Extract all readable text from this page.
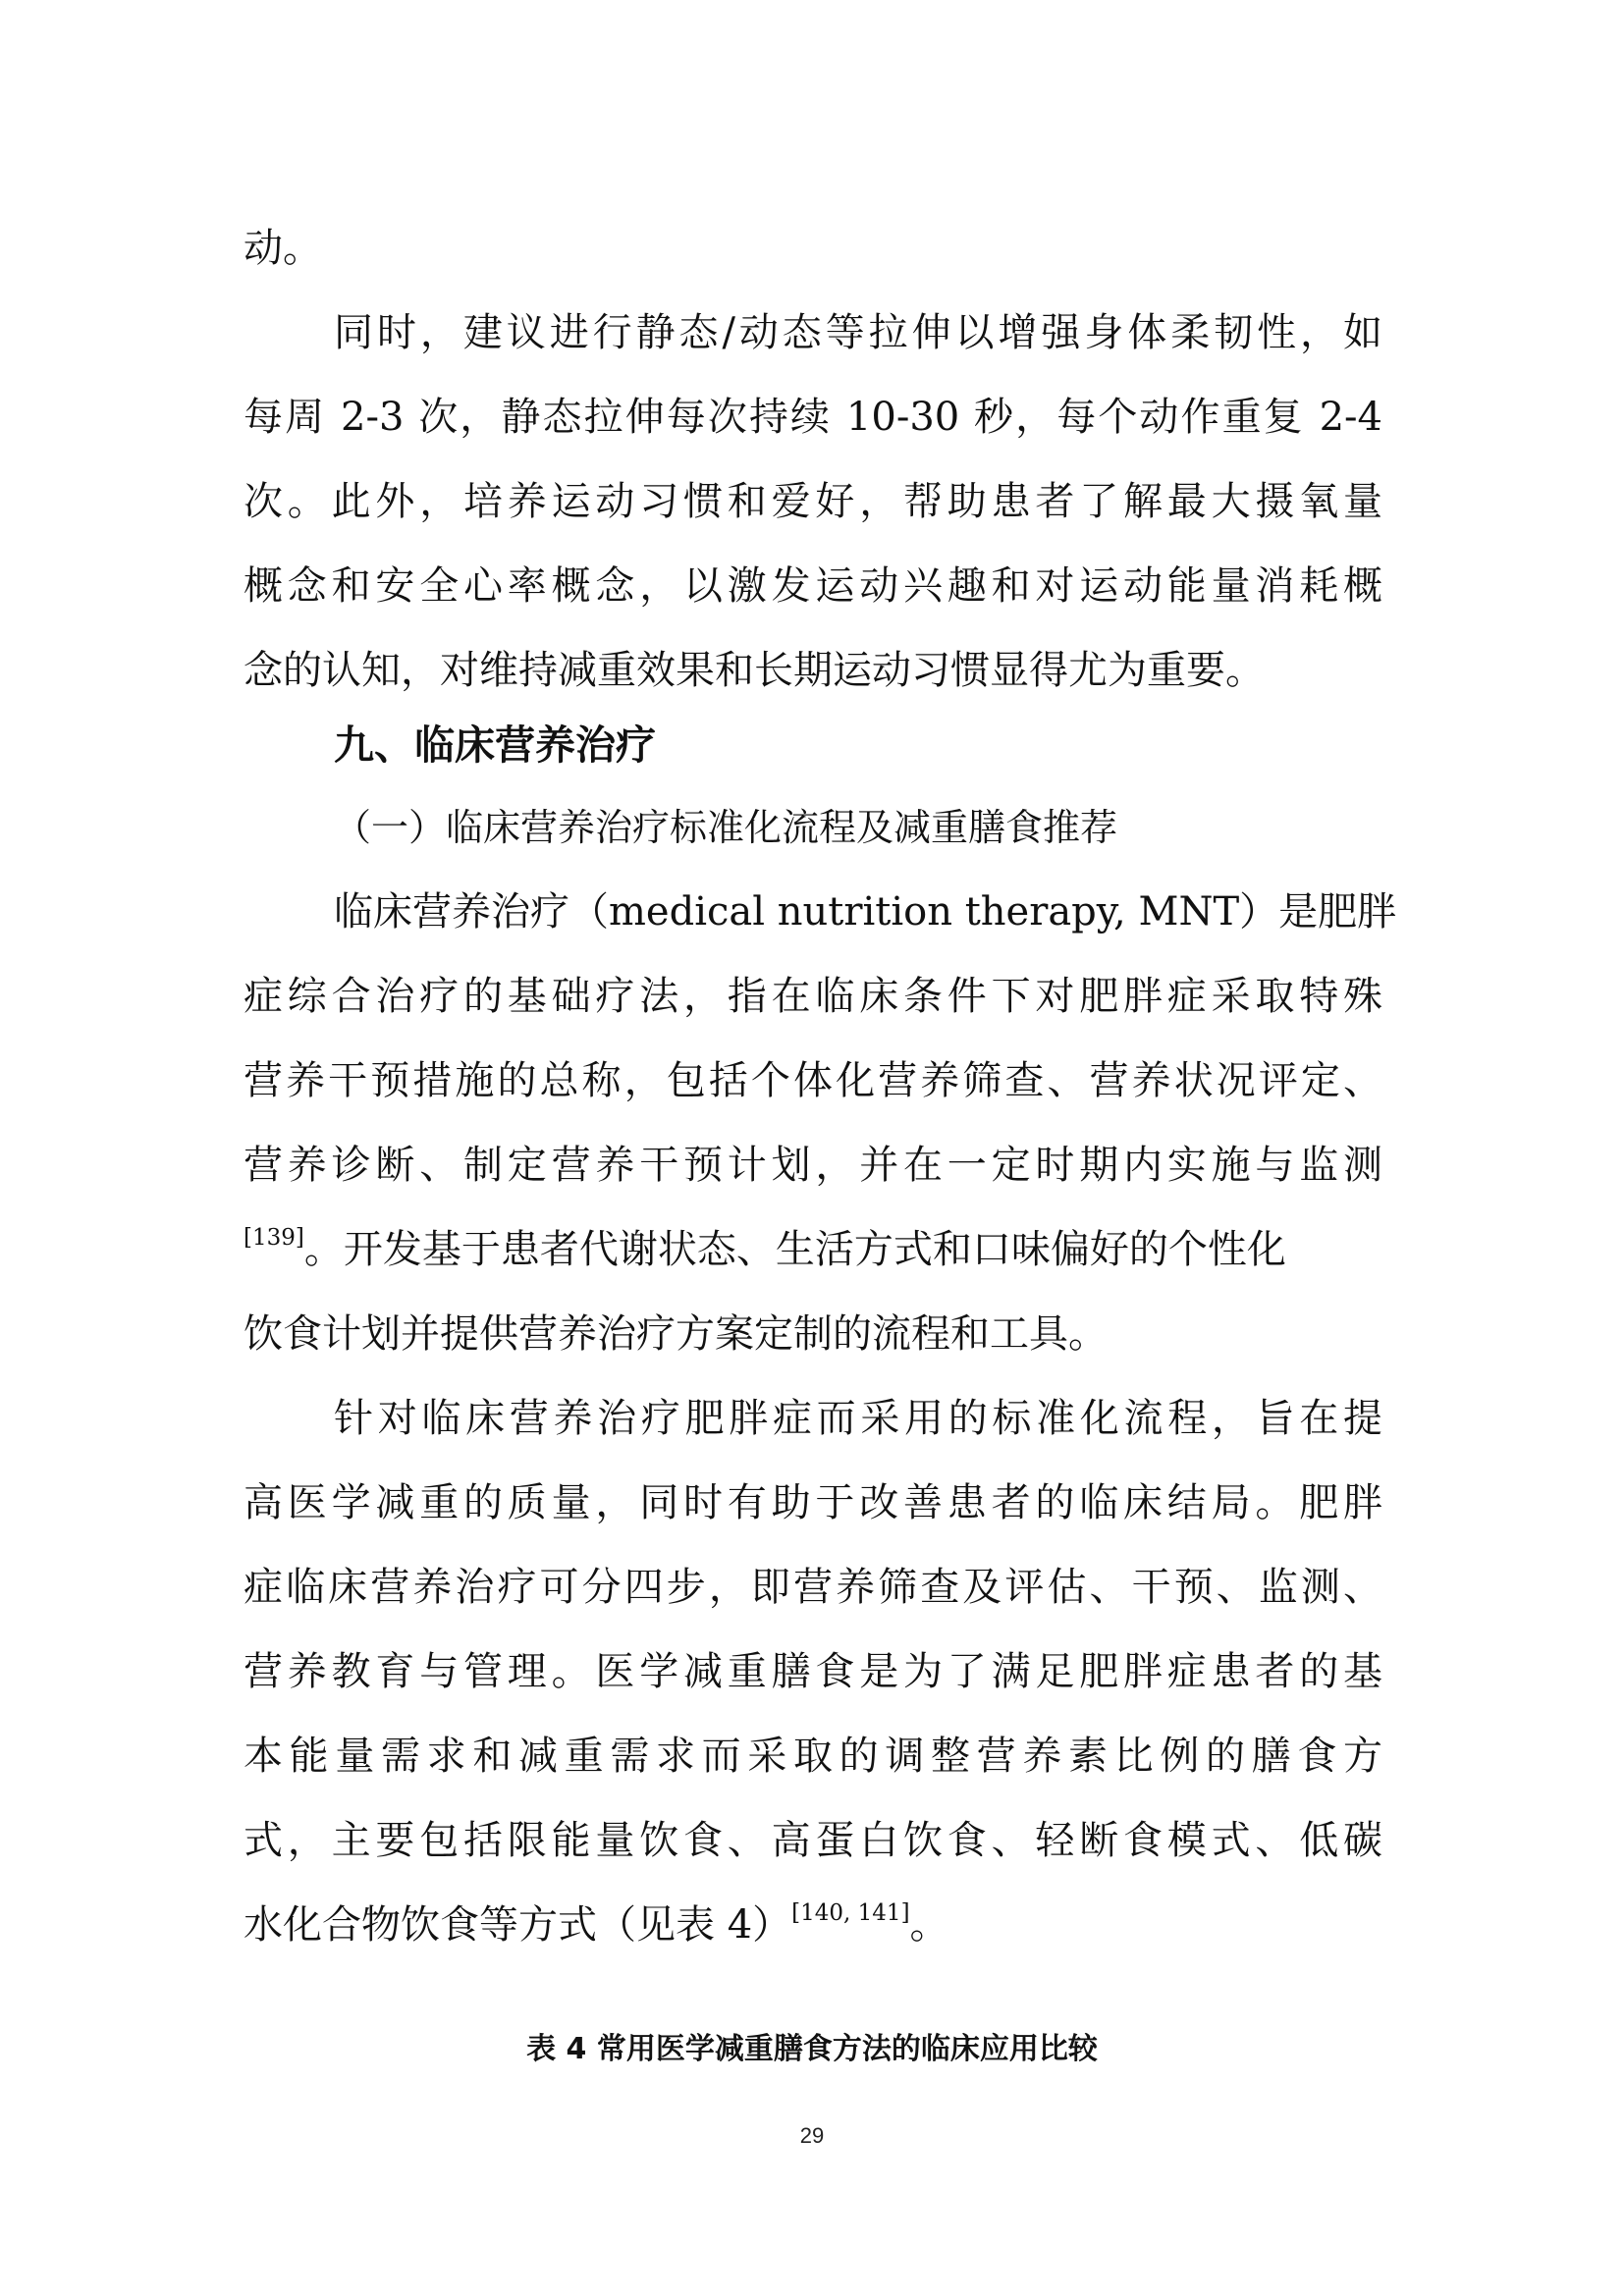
动。
同时，建议进行静态/动态等拉伸以增强身体柔韧性，如
每周 2-3 次，静态拉伸每次持续 10-30 秒，每个动作重复 2-4
次。此外，培养运动习惯和爱好，帮助患者了解最大摄氧量
概念和安全心率概念，以激发运动兴趣和对运动能量消耗概
念的认知，对维持减重效果和长期运动习惯显得尤为重要。
九、临床营养治疗
（一）临床营养治疗标准化流程及减重膳食推荐
临床营养治疗（medical nutrition therapy, MNT）是肥胖
症综合治疗的基础疗法，指在临床条件下对肥胖症采取特殊
营养干预措施的总称，包括个体化营养筛查、营养状况评定、
营养诊断、制定营养干预计划，并在一定时期内实施与监测
[139]。开发基于患者代谢状态、生活方式和口味偏好的个性化
饮食计划并提供营养治疗方案定制的流程和工具。
针对临床营养治疗肥胖症而采用的标准化流程，旨在提
高医学减重的质量，同时有助于改善患者的临床结局。肥胖
症临床营养治疗可分四步，即营养筛查及评估、干预、监测、
营养教育与管理。医学减重膳食是为了满足肥胖症患者的基
本能量需求和减重需求而采取的调整营养素比例的膳食方
式，主要包括限能量饮食、高蛋白饮食、轻断食模式、低碳
水化合物饮食等方式（见表 4）[140, 141]。
表 4 常用医学减重膳食方法的临床应用比较
29
